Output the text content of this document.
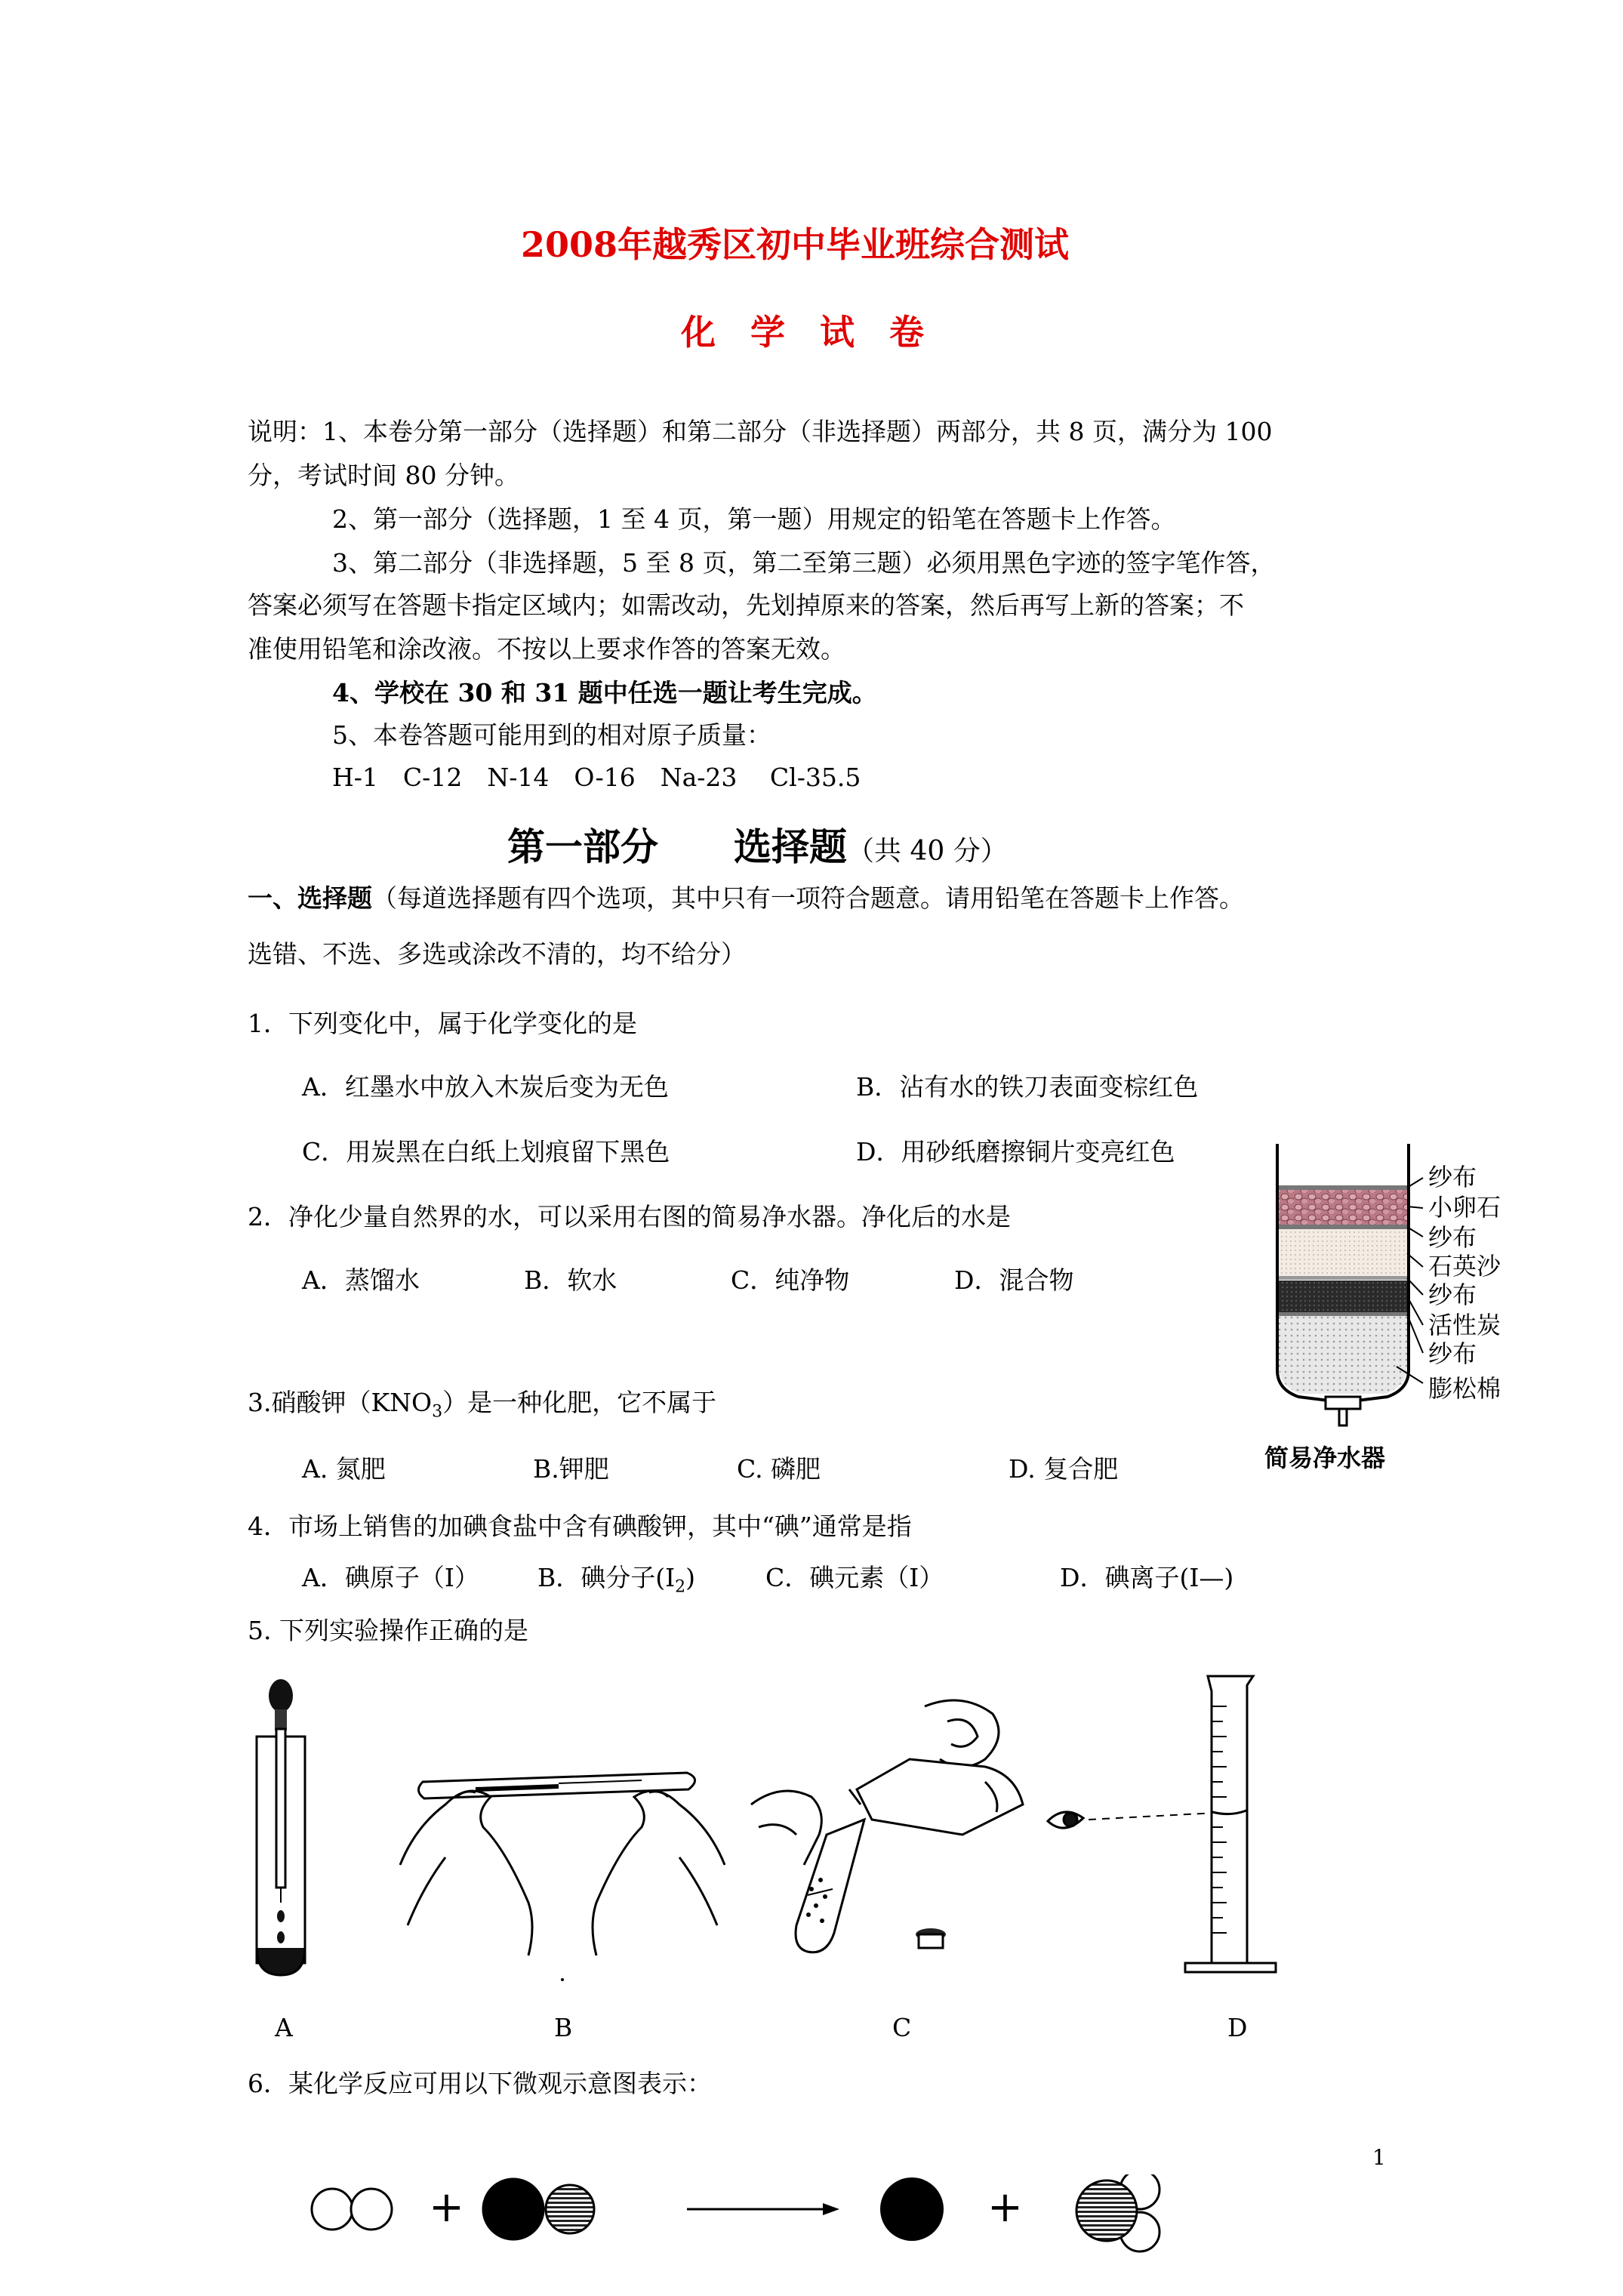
2008年越秀区初中毕业班综合测试
化　学　试　卷
说明：1、本卷分第一部分（选择题）和第二部分（非选择题）两部分，共 8 页，满分为 100
分，考试时间 80 分钟。
2、第一部分（选择题，1 至 4 页，第一题）用规定的铅笔在答题卡上作答。
3、第二部分（非选择题，5 至 8 页，第二至第三题）必须用黑色字迹的签字笔作答，
答案必须写在答题卡指定区域内；如需改动，先划掉原来的答案，然后再写上新的答案；不
准使用铅笔和涂改液。不按以上要求作答的答案无效。
4、学校在 30 和 31 题中任选一题让考生完成。
5、本卷答题可能用到的相对原子质量：
H-1　C-12　N-14　O-16　Na-23　 Cl-35.5
第一部分　　选择题（共 40 分）
一、选择题（每道选择题有四个选项，其中只有一项符合题意。请用铅笔在答题卡上作答。
选错、不选、多选或涂改不清的，均不给分）
1．下列变化中，属于化学变化的是
A．红墨水中放入木炭后变为无色	B．沾有水的铁刀表面变棕红色
C．用炭黑在白纸上划痕留下黑色	D．用砂纸磨擦铜片变亮红色
2．净化少量自然界的水，可以采用右图的简易净水器。净化后的水是
A．蒸馏水	B．软水	C．纯净物	D．混合物
纱布
小卵石
纱布
石英沙
纱布
活性炭
纱布
膨松棉
简易净水器
3.硝酸钾$(KNO_3)$是一种化肥，它不属于
A. 氮肥	B.钾肥	C. 磷肥	D. 复合肥
4．市场上销售的加碘食盐中含有碘酸钾，其中“碘”通常是指
A．碘原子（I） B．碘分子$(I_2)$	C．碘元素（I）	D．碘离子(I—)
5. 下列实验操作正确的是
A	B	C	D
6．某化学反应可用以下微观示意图表示：
1
+	+
